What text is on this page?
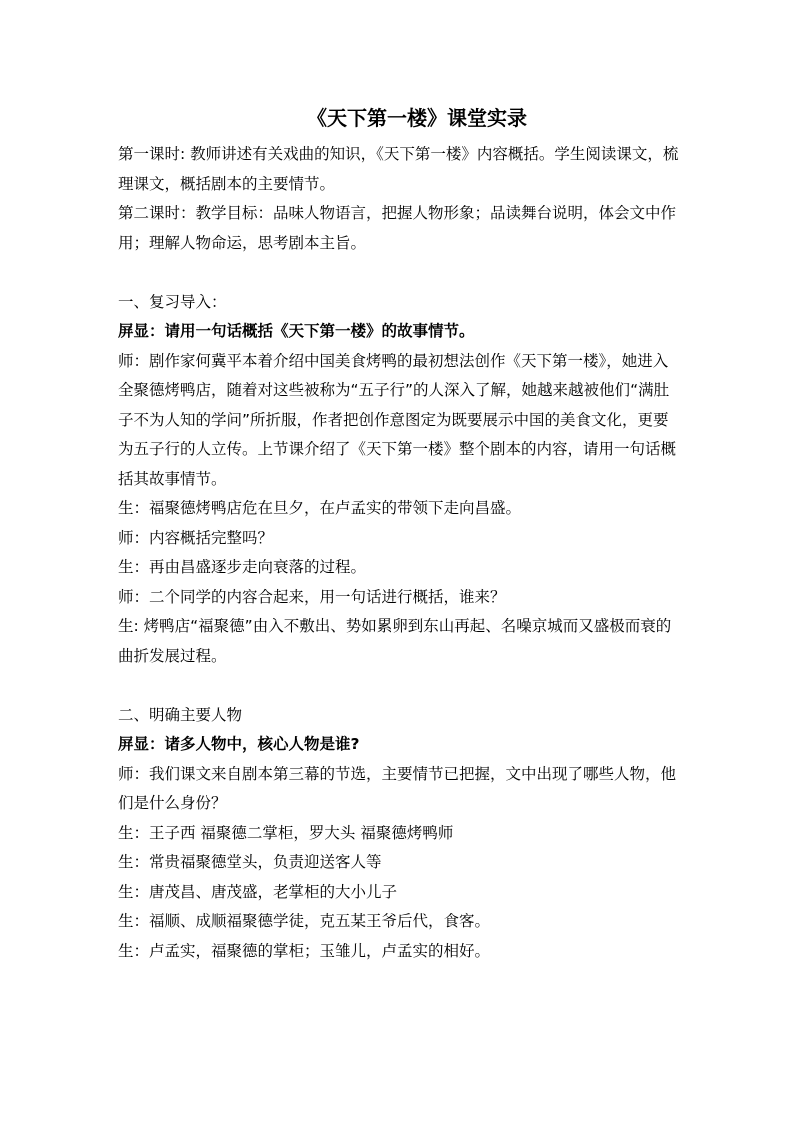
《天下第一楼》课堂实录

第一课时: 教师讲述有关戏曲的知识，《天下第一楼》内容概括。学生阅读课文，梳理课文，概括剧本的主要情节。

第二课时：教学目标：品味人物语言，把握人物形象；品读舞台说明，体会文中作用；理解人物命运，思考剧本主旨。

一、复习导入：

屏显：请用一句话概括《天下第一楼》的故事情节。

师：剧作家何冀平本着介绍中国美食烤鸭的最初想法创作《天下第一楼》，她进入全聚德烤鸭店，随着对这些被称为“五子行”的人深入了解，她越来越被他们“满肚子不为人知的学问”所折服，作者把创作意图定为既要展示中国的美食文化，更要为五子行的人立传。上节课介绍了《天下第一楼》整个剧本的内容，请用一句话概括其故事情节。

生：福聚德烤鸭店危在旦夕，在卢孟实的带领下走向昌盛。

师：内容概括完整吗？

生：再由昌盛逐步走向衰落的过程。

师：二个同学的内容合起来，用一句话进行概括，谁来？

生: 烤鸭店“福聚德”由入不敷出、势如累卵到东山再起、名噪京城而又盛极而衰的曲折发展过程。

二、明确主要人物

屏显：诸多人物中，核心人物是谁?

师：我们课文来自剧本第三幕的节选，主要情节已把握，文中出现了哪些人物，他们是什么身份？

生：王子西 福聚德二掌柜，罗大头 福聚德烤鸭师

生：常贵福聚德堂头，负责迎送客人等

生：唐茂昌、唐茂盛，老掌柜的大小儿子

生：福顺、成顺福聚德学徒，克五某王爷后代，食客。

生：卢孟实，福聚德的掌柜；玉雏儿，卢孟实的相好。
